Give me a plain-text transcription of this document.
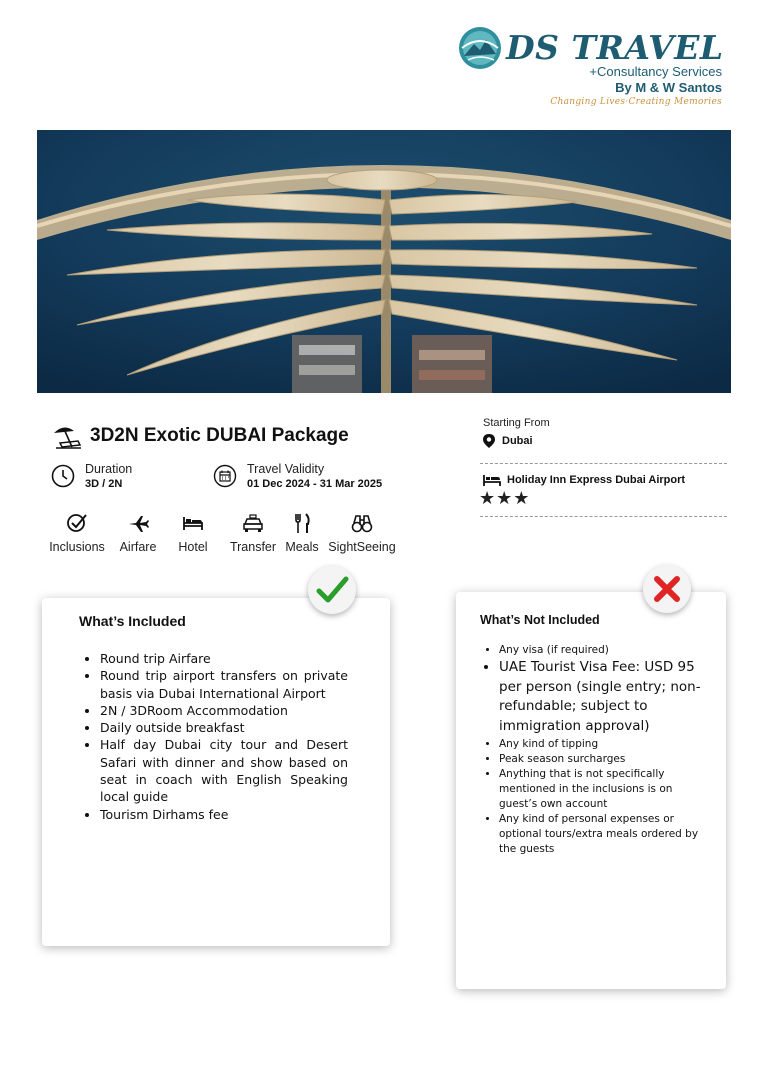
DS TRAVEL
+Consultancy Services
By M & W Santos
Changing Lives·Creating Memories
3D2N Exotic DUBAI Package
Duration
3D / 2N
Travel Validity
01 Dec 2024 - 31 Mar 2025
Inclusions Airfare	Hotel	Transfer Meals SightSeeing
Starting From
Dubai
Holiday Inn Express Dubai Airport
★★★
What’s Included
• Round trip Airfare
• Round trip airport transfers on private basis via Dubai International Airport
• 2N / 3DRoom Accommodation
• Daily outside breakfast
• Half day Dubai city tour and Desert Safari with dinner and show based on seat in coach with English Speaking local guide
• Tourism Dirhams fee
What’s Not Included
• Any visa (if required)
• UAE Tourist Visa Fee: USD 95 per person (single entry; non-refundable; subject to immigration approval)
• Any kind of tipping
• Peak season surcharges
• Anything that is not specifically mentioned in the inclusions is on guest’s own account
• Any kind of personal expenses or optional tours/extra meals ordered by the guests
